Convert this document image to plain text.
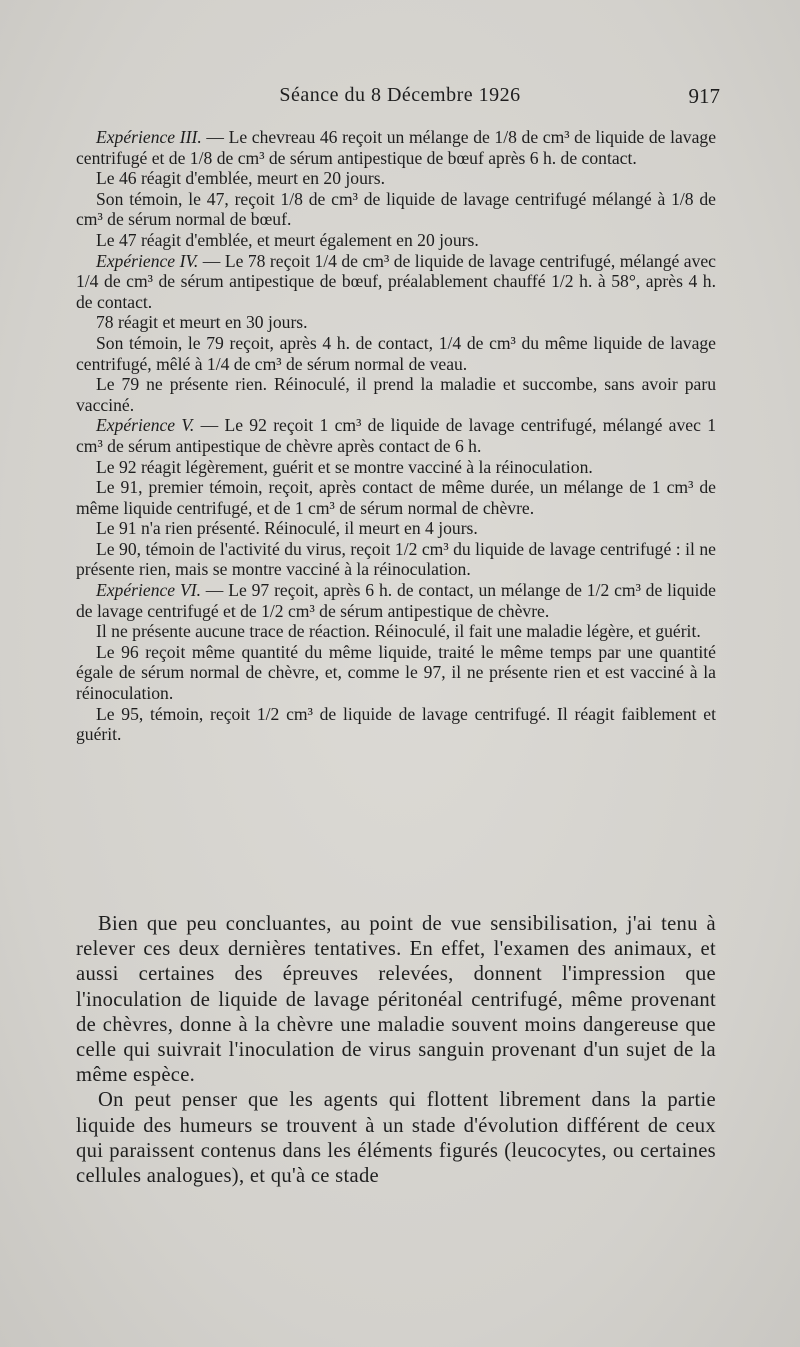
Séance du 8 Décembre 1926	917

Expérience III. — Le chevreau 46 reçoit un mélange de 1/8 de cm³ de liquide de lavage centrifugé et de 1/8 de cm³ de sérum antipestique de bœuf après 6 h. de contact.

Le 46 réagit d'emblée, meurt en 20 jours.

Son témoin, le 47, reçoit 1/8 de cm³ de liquide de lavage centrifugé mélangé à 1/8 de cm³ de sérum normal de bœuf.

Le 47 réagit d'emblée, et meurt également en 20 jours.

Expérience IV. — Le 78 reçoit 1/4 de cm³ de liquide de lavage centrifugé, mélangé avec 1/4 de cm³ de sérum antipestique de bœuf, préalablement chauffé 1/2 h. à 58°, après 4 h. de contact.

78 réagit et meurt en 30 jours.

Son témoin, le 79 reçoit, après 4 h. de contact, 1/4 de cm³ du même liquide de lavage centrifugé, mêlé à 1/4 de cm³ de sérum normal de veau.

Le 79 ne présente rien. Réinoculé, il prend la maladie et succombe, sans avoir paru vacciné.

Expérience V. — Le 92 reçoit 1 cm³ de liquide de lavage centrifugé, mélangé avec 1 cm³ de sérum antipestique de chèvre après contact de 6 h.

Le 92 réagit légèrement, guérit et se montre vacciné à la réinoculation.

Le 91, premier témoin, reçoit, après contact de même durée, un mélange de 1 cm³ de même liquide centrifugé, et de 1 cm³ de sérum normal de chèvre.

Le 91 n'a rien présenté. Réinoculé, il meurt en 4 jours.

Le 90, témoin de l'activité du virus, reçoit 1/2 cm³ du liquide de lavage centrifugé : il ne présente rien, mais se montre vacciné à la réinoculation.

Expérience VI. — Le 97 reçoit, après 6 h. de contact, un mélange de 1/2 cm³ de liquide de lavage centrifugé et de 1/2 cm³ de sérum antipestique de chèvre.

Il ne présente aucune trace de réaction. Réinoculé, il fait une maladie légère, et guérit.

Le 96 reçoit même quantité du même liquide, traité le même temps par une quantité égale de sérum normal de chèvre, et, comme le 97, il ne présente rien et est vacciné à la réinoculation.

Le 95, témoin, reçoit 1/2 cm³ de liquide de lavage centrifugé. Il réagit faiblement et guérit.

Bien que peu concluantes, au point de vue sensibilisation, j'ai tenu à relever ces deux dernières tentatives. En effet, l'examen des animaux, et aussi certaines des épreuves relevées, donnent l'impression que l'inoculation de liquide de lavage péritonéal centrifugé, même provenant de chèvres, donne à la chèvre une maladie souvent moins dangereuse que celle qui suivrait l'inoculation de virus sanguin provenant d'un sujet de la même espèce.

On peut penser que les agents qui flottent librement dans la partie liquide des humeurs se trouvent à un stade d'évolution différent de ceux qui paraissent contenus dans les éléments figurés (leucocytes, ou certaines cellules analogues), et qu'à ce stade
